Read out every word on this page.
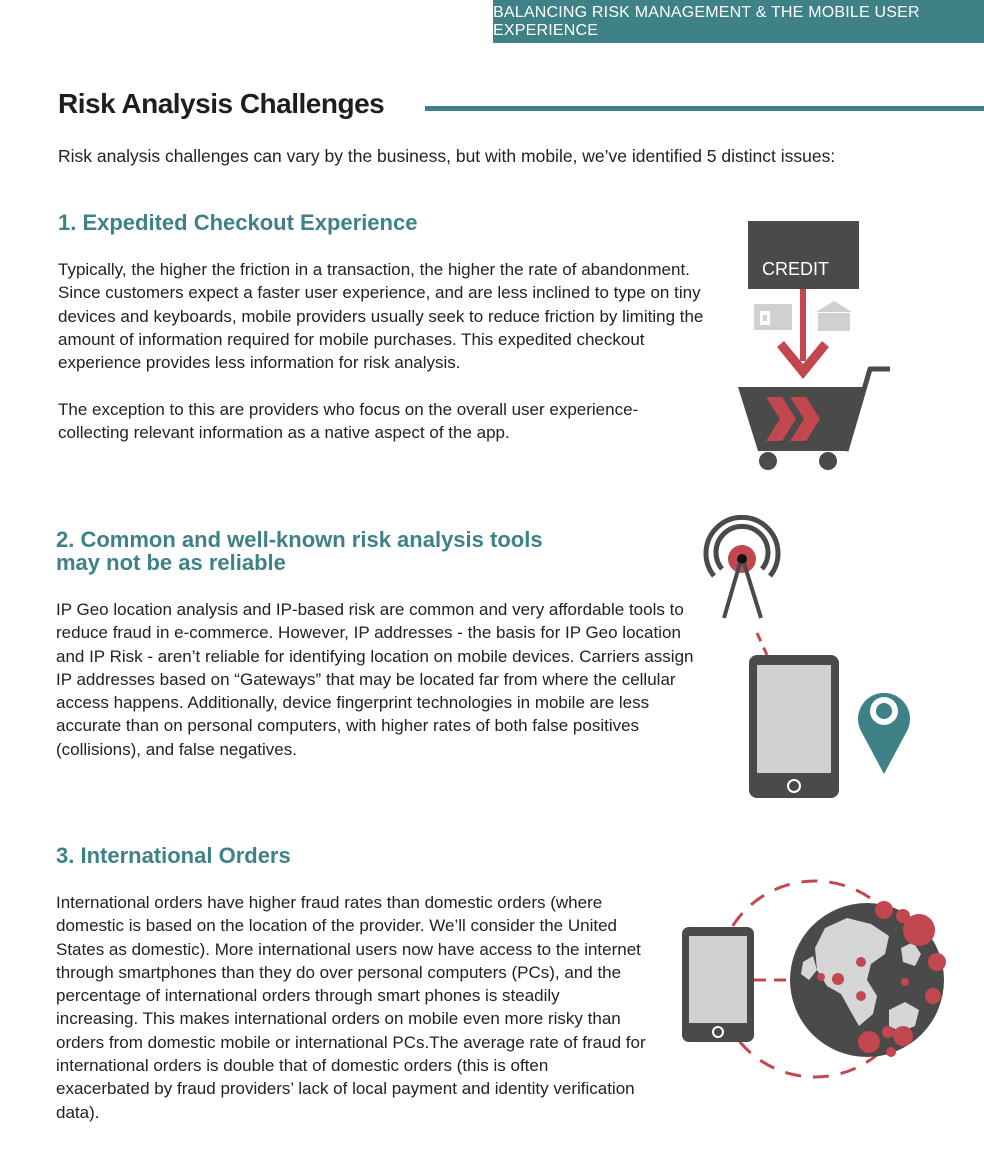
BALANCING RISK MANAGEMENT & THE MOBILE USER EXPERIENCE
Risk Analysis Challenges

Risk analysis challenges can vary by the business, but with mobile, we’ve identified 5 distinct issues:

1. Expedited Checkout Experience

Typically, the higher the friction in a transaction, the higher the rate of abandonment. Since customers expect a faster user experience, and are less inclined to type on tiny devices and keyboards, mobile providers usually seek to reduce friction by limiting the amount of information required for mobile purchases. This expedited checkout experience provides less information for risk analysis.

The exception to this are providers who focus on the overall user experience- collecting relevant information as a native aspect of the app.

CREDIT
2. Common and well-known risk analysis tools
may not be as reliable

IP Geo location analysis and IP-based risk are common and very affordable tools to reduce fraud in e-commerce. However, IP addresses - the basis for IP Geo location and IP Risk - aren’t reliable for identifying location on mobile devices. Carriers assign IP addresses based on “Gateways” that may be located far from where the cellular access happens. Additionally, device fingerprint technologies in mobile are less accurate than on personal computers, with higher rates of both false positives (collisions), and false negatives.

3. International Orders

International orders have higher fraud rates than domestic orders (where domestic is based on the location of the provider. We’ll consider the United States as domestic). More international users now have access to the internet through smartphones than they do over personal computers (PCs), and the percentage of international orders through smart phones is steadily increasing. This makes international orders on mobile even more risky than orders from domestic mobile or international PCs.The average rate of fraud for international orders is double that of domestic orders (this is often exacerbated by fraud providers’ lack of local payment and identity verification data).
